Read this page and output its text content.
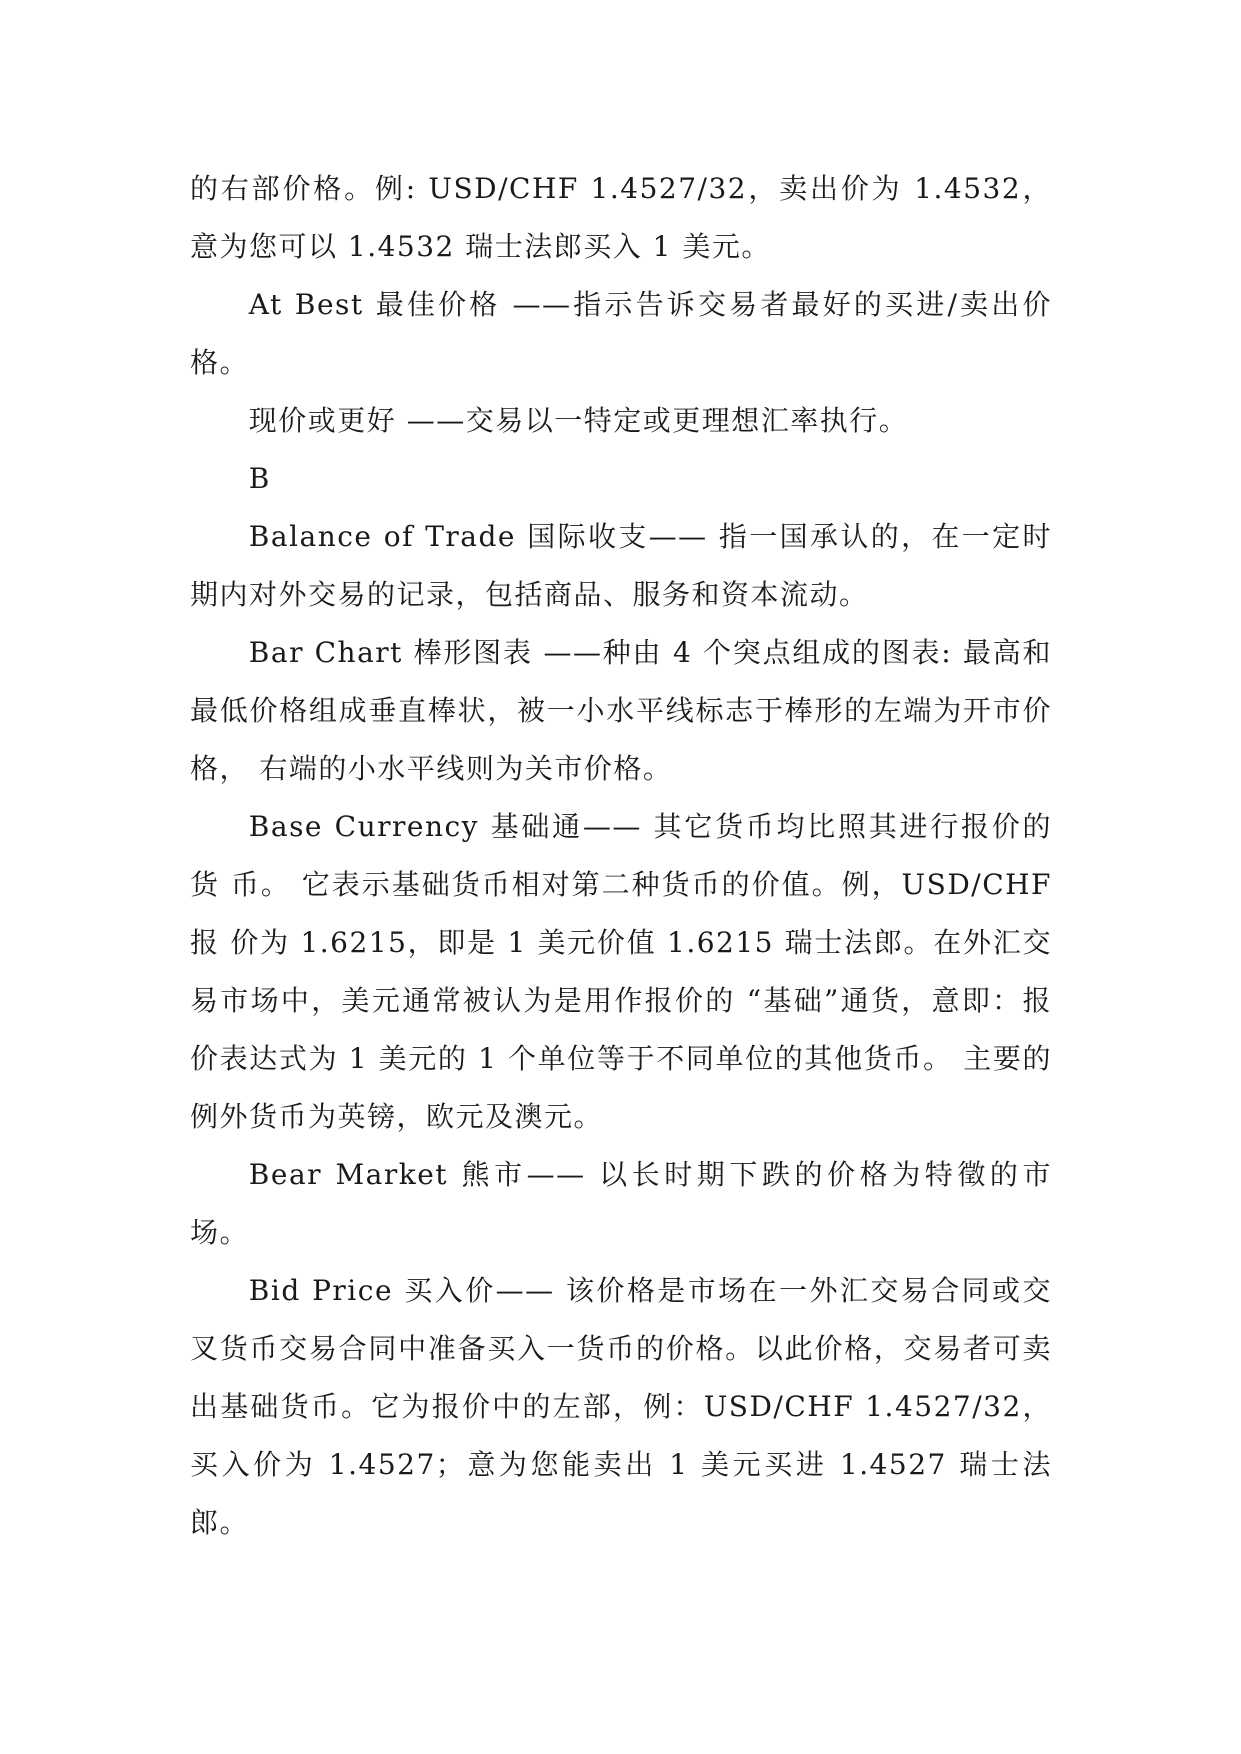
的右部价格。例: USD/CHF 1.4527/32，卖出价为 1.4532，意为您可以 1.4532 瑞士法郎买入 1 美元。

At Best 最佳价格 ——指示告诉交易者最好的买进/卖出价格。

现价或更好 ——交易以一特定或更理想汇率执行。

B

Balance of Trade 国际收支—— 指一国承认的，在一定时期内对外交易的记录，包括商品、服务和资本流动。

Bar Chart 棒形图表 ——种由 4 个突点组成的图表: 最高和最低价格组成垂直棒状，被一小水平线标志于棒形的左端为开市价格， 右端的小水平线则为关市价格。

Base Currency 基础通—— 其它货币均比照其进行报价的货 币。 它表示基础货币相对第二种货币的价值。例，USD/CHF 报 价为 1.6215，即是 1 美元价值 1.6215 瑞士法郎。在外汇交易市场中，美元通常被认为是用作报价的 “基础”通货，意即：报价表达式为 1 美元的 1 个单位等于不同单位的其他货币。 主要的例外货币为英镑，欧元及澳元。

Bear Market 熊市—— 以长时期下跌的价格为特徵的市场。

Bid Price 买入价—— 该价格是市场在一外汇交易合同或交叉货币交易合同中准备买入一货币的价格。以此价格，交易者可卖出基础货币。它为报价中的左部，例：USD/CHF 1.4527/32， 买入价为 1.4527；意为您能卖出 1 美元买进 1.4527 瑞士法郎。
